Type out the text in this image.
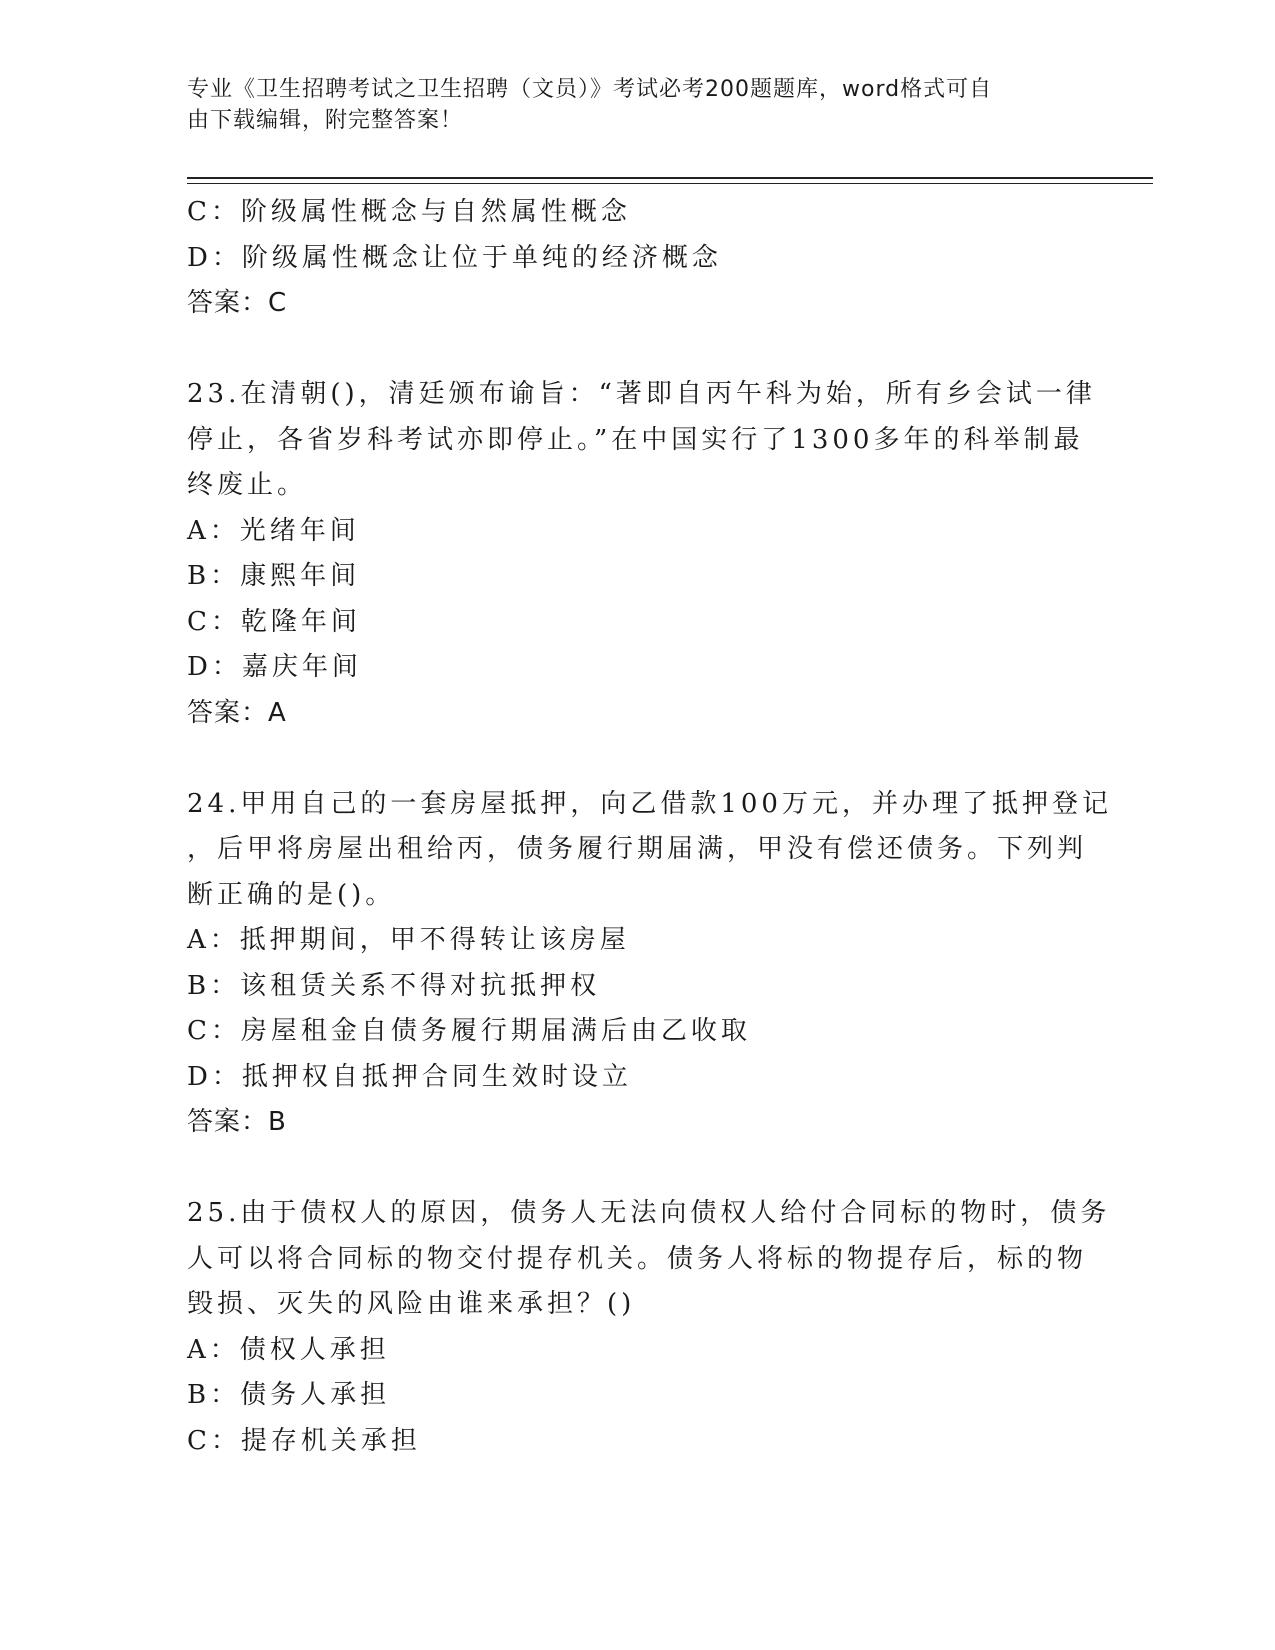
专业《卫生招聘考试之卫生招聘（文员）》考试必考200题题库，word格式可自
由下载编辑，附完整答案！
C：阶级属性概念与自然属性概念
D：阶级属性概念让位于单纯的经济概念
答案：C
23.在清朝()，清廷颁布谕旨：“著即自丙午科为始，所有乡会试一律
停止，各省岁科考试亦即停止。”在中国实行了1300多年的科举制最
终废止。
A：光绪年间
B：康熙年间
C：乾隆年间
D：嘉庆年间
答案：A
24.甲用自己的一套房屋抵押，向乙借款100万元，并办理了抵押登记
，后甲将房屋出租给丙，债务履行期届满，甲没有偿还债务。下列判
断正确的是()。
A：抵押期间，甲不得转让该房屋
B：该租赁关系不得对抗抵押权
C：房屋租金自债务履行期届满后由乙收取
D：抵押权自抵押合同生效时设立
答案：B
25.由于债权人的原因，债务人无法向债权人给付合同标的物时，债务
人可以将合同标的物交付提存机关。债务人将标的物提存后，标的物
毁损、灭失的风险由谁来承担？()
A：债权人承担
B：债务人承担
C：提存机关承担
